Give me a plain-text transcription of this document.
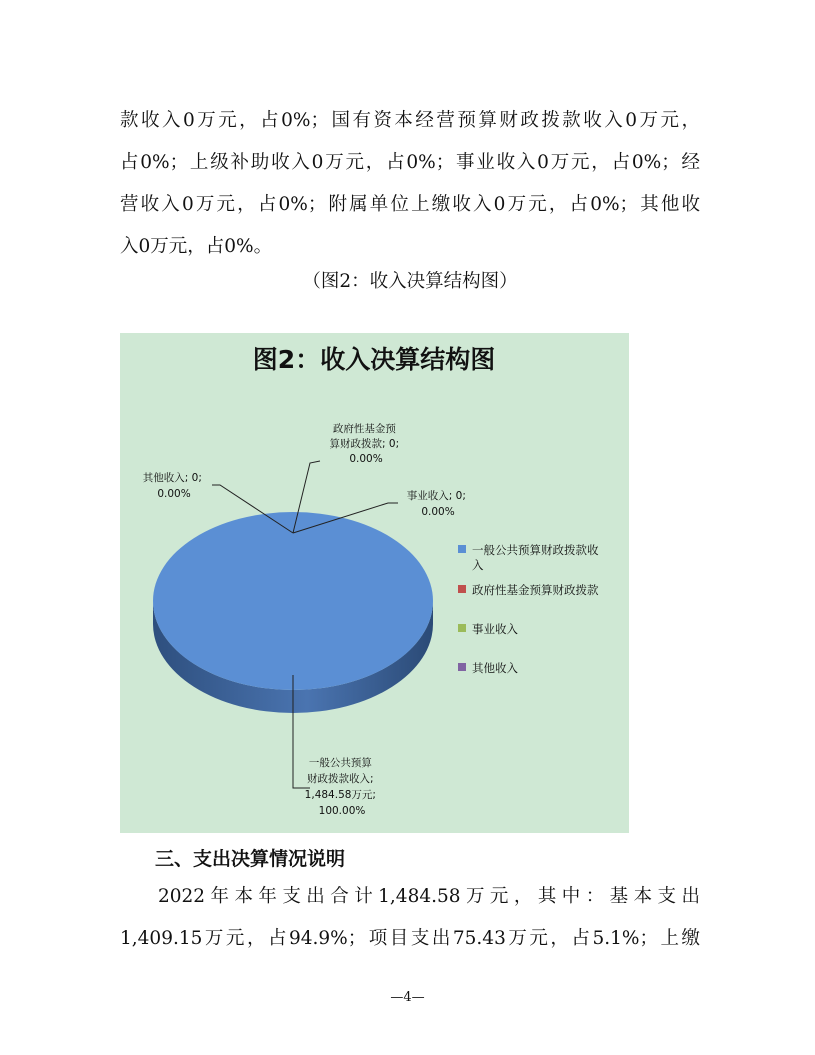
款收入0万元，占0%；国有资本经营预算财政拨款收入0万元，
占0%；上级补助收入0万元，占0%；事业收入0万元，占0%；经
营收入0万元，占0%；附属单位上缴收入0万元，占0%；其他收
入0万元，占0%。
（图2：收入决算结构图）
图2：收入决算结构图
一般公共预算 财政拨款收入; 1,484.58万元; 100.00%
政府性基金预 算财政拨款; 0; 0.00%
事业收入; 0; 0.00%
其他收入; 0; 0.00%
一般公共预算财政拨款收 入
政府性基金预算财政拨款
事业收入
其他收入
三、支出决算情况说明
2022年本年支出合计1,484.58万元，其中：基本支出
1,409.15万元，占94.9%；项目支出75.43万元，占5.1%；上缴
—4—
